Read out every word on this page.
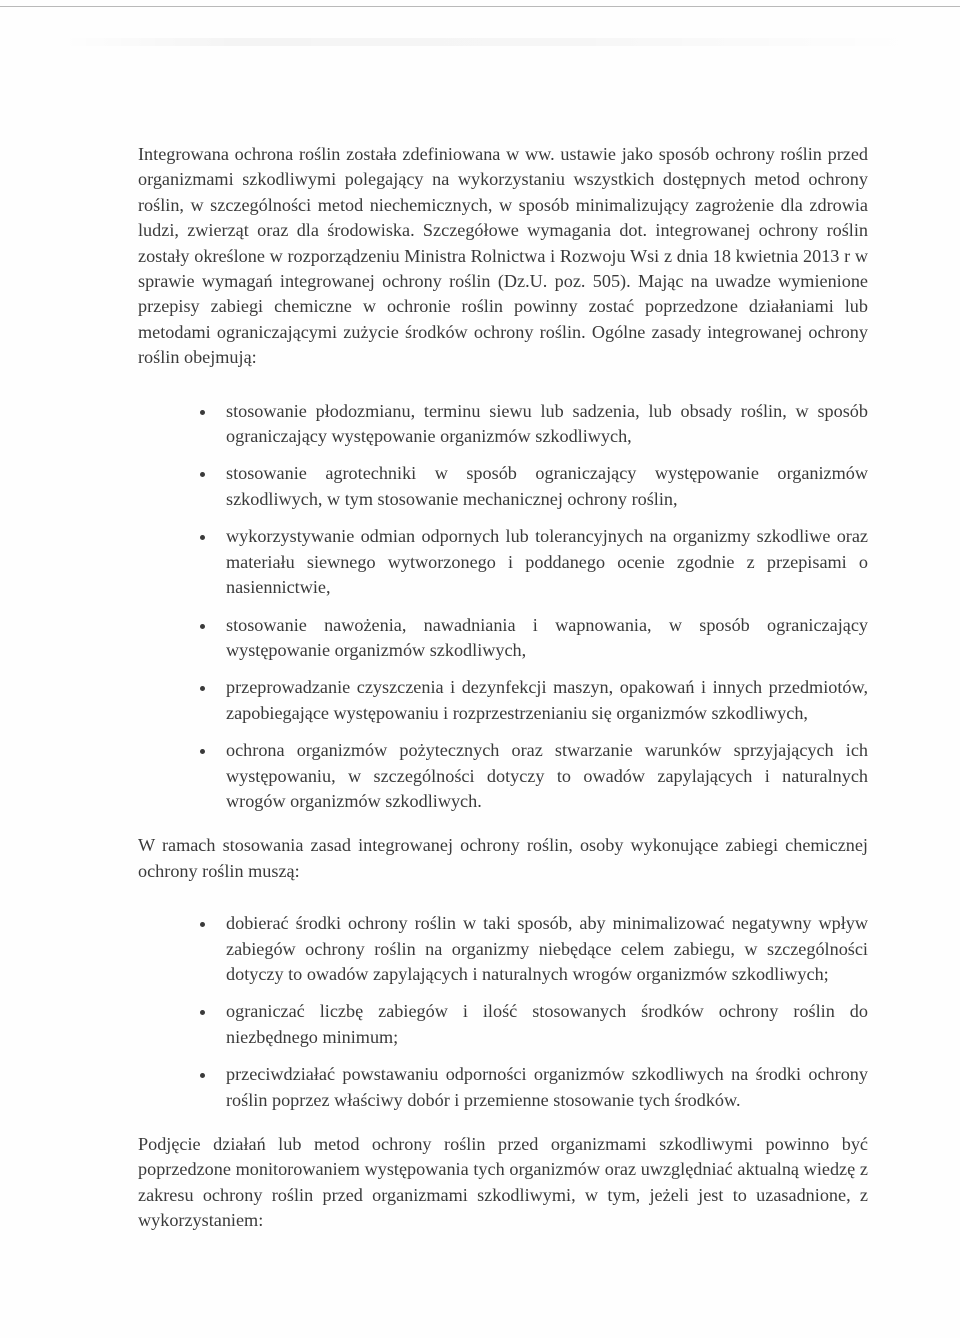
Integrowana ochrona roślin została zdefiniowana w ww. ustawie jako sposób ochrony roślin przed organizmami szkodliwymi polegający na wykorzystaniu wszystkich dostępnych metod ochrony roślin, w szczególności metod niechemicznych, w sposób minimalizujący zagrożenie dla zdrowia ludzi, zwierząt oraz dla środowiska. Szczegółowe wymagania dot. integrowanej ochrony roślin zostały określone w rozporządzeniu Ministra Rolnictwa i Rozwoju Wsi z dnia 18 kwietnia 2013 r w sprawie wymagań integrowanej ochrony roślin (Dz.U. poz. 505). Mając na uwadze wymienione przepisy zabiegi chemiczne w ochronie roślin powinny zostać poprzedzone działaniami lub metodami ograniczającymi zużycie środków ochrony roślin. Ogólne zasady integrowanej ochrony roślin obejmują:

stosowanie płodozmianu, terminu siewu lub sadzenia, lub obsady roślin, w sposób ograniczający występowanie organizmów szkodliwych,
stosowanie agrotechniki w sposób ograniczający występowanie organizmów szkodliwych, w tym stosowanie mechanicznej ochrony roślin,
wykorzystywanie odmian odpornych lub tolerancyjnych na organizmy szkodliwe oraz materiału siewnego wytworzonego i poddanego ocenie zgodnie z przepisami o nasiennictwie,
stosowanie nawożenia, nawadniania i wapnowania, w sposób ograniczający występowanie organizmów szkodliwych,
przeprowadzanie czyszczenia i dezynfekcji maszyn, opakowań i innych przedmiotów, zapobiegające występowaniu i rozprzestrzenianiu się organizmów szkodliwych,
ochrona organizmów pożytecznych oraz stwarzanie warunków sprzyjających ich występowaniu, w szczególności dotyczy to owadów zapylających i naturalnych wrogów organizmów szkodliwych.

W ramach stosowania zasad integrowanej ochrony roślin, osoby wykonujące zabiegi chemicznej ochrony roślin muszą:

dobierać środki ochrony roślin w taki sposób, aby minimalizować negatywny wpływ zabiegów ochrony roślin na organizmy niebędące celem zabiegu, w szczególności dotyczy to owadów zapylających i naturalnych wrogów organizmów szkodliwych;
ograniczać liczbę zabiegów i ilość stosowanych środków ochrony roślin do niezbędnego minimum;
przeciwdziałać powstawaniu odporności organizmów szkodliwych na środki ochrony roślin poprzez właściwy dobór i przemienne stosowanie tych środków.

Podjęcie działań lub metod ochrony roślin przed organizmami szkodliwymi powinno być poprzedzone monitorowaniem występowania tych organizmów oraz uwzględniać aktualną wiedzę z zakresu ochrony roślin przed organizmami szkodliwymi, w tym, jeżeli jest to uzasadnione, z wykorzystaniem:
